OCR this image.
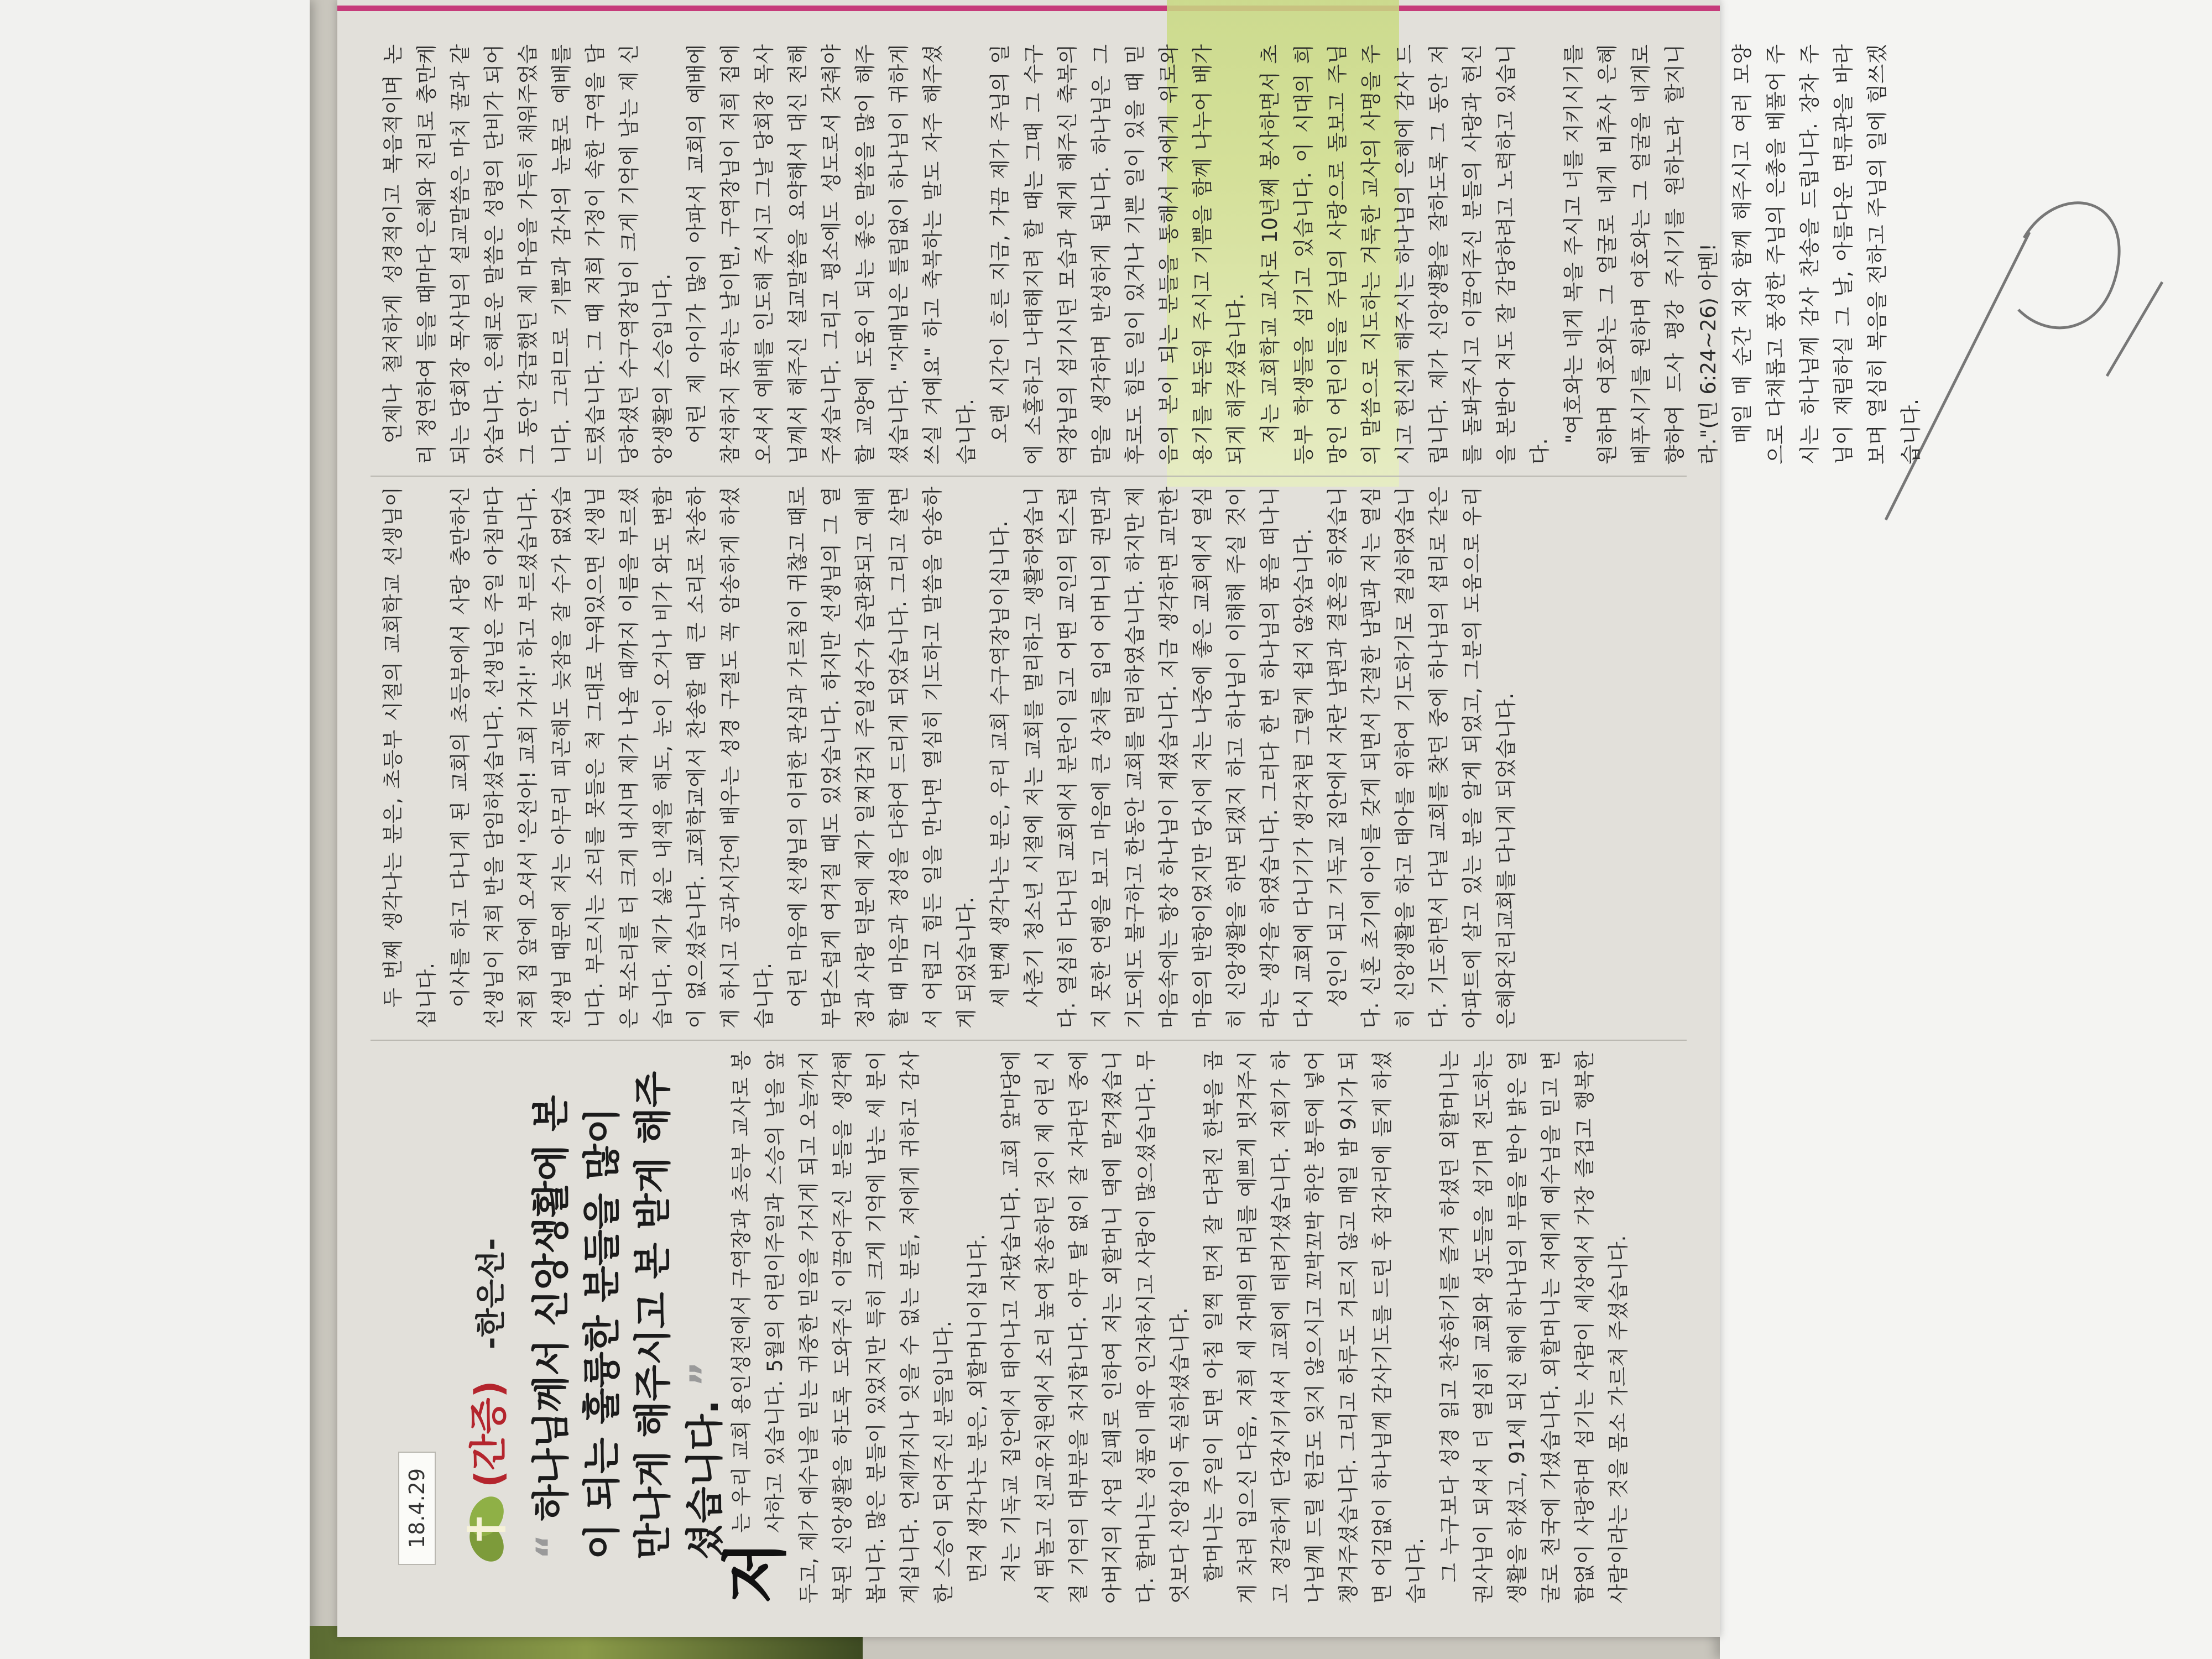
18.4.29
(간증)
-한은선-
“ 하나님께서 신앙생활에 본이 되는 훌륭한 분들을 많이 만나게 해주시고 본 받게 해주셨습니다. ”

저
는 우리 교회 용인성전에서 구역장과 초등부 교사로 봉사하고 있습니다. 5월의 어린이주일과 스승의 날을 앞두고, 제가 예수님을 믿는 귀중한 믿음을 가지게 되고 오늘까지 복된 신앙생활을 하도록 도와주신 이끌어주신 분들을 생각해 봅니다. 많은 분들이 있었지만 특히 크게 기억에 남는 세 분이 계십니다. 언제까지나 잊을 수 없는 분들, 저에게 귀하고 감사한 스승이 되어주신 분들입니다. 먼저 생각나는 분은, 외할머니이십니다. 저는 기독교 집안에서 태어나고 자랐습니다. 교회 앞마당에서 뛰놀고 선교유치원에서 소리 높여 찬송하던 것이 제 어린 시절 기억의 대부분을 차지합니다. 아무 탈 없이 잘 자라던 중에 아버지의 사업 실패로 인하여 저는 외할머니 댁에 맡겨졌습니다. 할머니는 성품이 매우 인자하시고 사랑이 많으셨습니다. 무엇보다 신앙심이 독실하셨습니다. 할머니는 주일이 되면 아침 일찍 먼저 잘 다려진 한복을 곱게 차려 입으신 다음, 저희 세 자매의 머리를 예쁘게 빗겨주시고 정갈하게 단장시키셔서 교회에 데려가셨습니다. 저희가 하나님께 드릴 헌금도 잊지 않으시고 꼬박꼬박 하얀 봉투에 넣어 챙겨주셨습니다. 그리고 하루도 거르지 않고 매일 밤 9시가 되면 어김없이 하나님께 감사기도를 드린 후 잠자리에 들게 하셨습니다. 그 누구보다 성경 읽고 찬송하기를 즐겨 하셨던 외할머니는 권사님이 되셔서 더 열심히 교회와 성도들을 섬기며 전도하는 생활을 하셨고, 91세 되신 해에 하나님의 부름을 받아 밝은 얼굴로 천국에 가셨습니다. 외할머니는 저에게 예수님을 믿고 변함없이 사랑하며 섬기는 사람이 세상에서 가장 즐겁고 행복한 사람이라는 것을 몸소 가르쳐 주셨습니다.

두 번째 생각나는 분은, 초등부 시절의 교회학교 선생님이십니다. 이사를 하고 다니게 된 교회의 초등부에서 사랑 충만하신 선생님이 저희 반을 담임하셨습니다. 선생님은 주일 아침마다 저희 집 앞에 오셔서 '은선아! 교회 가자!' 하고 부르셨습니다. 선생님 때문에 저는 아무리 피곤해도 늦잠을 잘 수가 없었습니다. 부르시는 소리를 못들은 척 그대로 누워있으면 선생님은 목소리를 더 크게 내시며 제가 나올 때까지 이름을 부르셨습니다. 제가 싫은 내색을 해도, 눈이 오거나 비가 와도 변함이 없으셨습니다. 교회학교에서 찬송할 때 큰 소리로 찬송하게 하시고 공과시간에 배우는 성경 구절도 꼭 암송하게 하셨습니다. 어린 마음에 선생님의 이러한 관심과 가르침이 귀찮고 때로 부담스럽게 여겨질 때도 있었습니다. 하지만 선생님의 그 열정과 사랑 덕분에 제가 일찌감치 주일성수가 습관화되고 예배할 때 마음과 정성을 다하여 드리게 되었습니다. 그리고 살면서 어렵고 힘든 일을 만나면 열심히 기도하고 말씀을 암송하게 되었습니다. 세 번째 생각나는 분은, 우리 교회 수구역장님이십니다. 사춘기 청소년 시절에 저는 교회를 멀리하고 생활하였습니다. 열심히 다니던 교회에서 분란이 일고 어떤 교인의 덕스럽지 못한 언행을 보고 마음에 큰 상처를 입어 어머니의 권면과 기도에도 불구하고 한동안 교회를 멀리하였습니다. 하지만 제 마음속에는 항상 하나님이 계셨습니다. 지금 생각하면 교만한 마음의 반항이었지만 당시에 저는 나중에 좋은 교회에서 열심히 신앙생활을 하면 되겠지 하고 하나님이 이해해 주실 것이라는 생각을 하였습니다. 그러다 한 번 하나님의 품을 떠나니 다시 교회에 다니기가 생각처럼 그렇게 쉽지 않았습니다. 성인이 되고 기독교 집안에서 자란 남편과 결혼을 하였습니다. 신혼 초기에 아이를 갖게 되면서 간절한 남편과 저는 열심히 신앙생활을 하고 태아를 위하여 기도하기로 결심하였습니다. 기도하면서 다닐 교회를 찾던 중에 하나님의 섭리로 같은 아파트에 살고 있는 분을 알게 되었고, 그분의 도움으로 우리 은혜와진리교회를 다니게 되었습니다.

언제나 철저하게 성경적이고 복음적이며 논리 정연하여 들을 때마다 은혜와 진리로 충만케 되는 당회장 목사님의 설교말씀은 마치 꿀과 같았습니다. 은혜로운 말씀은 성령의 단비가 되어 그 동안 갈급했던 제 마음을 가득히 채워주었습니다. 그러므로 기쁨과 감사의 눈물로 예배를 드렸습니다. 그 때 저희 가정이 속한 구역을 담당하셨던 수구역장님이 크게 기억에 남는 제 신앙생활의 스승입니다. 어린 제 아이가 많이 아파서 교회의 예배에 참석하지 못하는 날이면, 구역장님이 저희 집에 오셔서 예배를 인도해 주시고 그날 당회장 목사님께서 해주신 설교말씀을 요약해서 대신 전해주셨습니다. 그리고 평소에도 성도로서 갖춰야 할 교양에 도움이 되는 좋은 말씀을 많이 해주셨습니다. "자매님은 틀림없이 하나님이 귀하게 쓰실 거예요" 하고 축복하는 말도 자주 해주셨습니다. 오랜 시간이 흐른 지금, 가끔 제가 주님의 일에 소홀하고 나태해지려 할 때는 그때 그 수구역장님의 섬기시던 모습과 제게 해주신 축복의 말을 생각하며 반성하게 됩니다. 하나님은 그 후로도 힘든 일이 있거나 기쁜 일이 있을 때 믿음의 본이 되는 분들을 통해서 저에게 위로와 용기를 북돋워 주시고 기쁨을 함께 나누어 배가 되게 해주셨습니다. 저는 교회학교 교사로 10년째 봉사하면서 초등부 학생들을 섬기고 있습니다. 이 시대의 희망인 어린이들을 주님의 사랑으로 돌보고 주님의 말씀으로 지도하는 거룩한 교사의 사명을 주시고 헌신케 해주시는 하나님의 은혜에 감사 드립니다. 제가 신앙생활을 잘하도록 그 동안 저를 돌봐주시고 이끌어주신 분들의 사랑과 헌신을 본받아 저도 잘 감당하려고 노력하고 있습니다.

"여호와는 네게 복을 주시고 너를 지키시기를 원하며 여호와는 그 얼굴로 네게 비추사 은혜 베푸시기를 원하며 여호와는 그 얼굴을 네게로 향하여 드사 평강 주시기를 원하노라 할지니라."(민 6:24~26) 아멘! 매일 매 순간 저와 함께 해주시고 여러 모양으로 다채롭고 풍성한 주님의 은총을 베풀어 주시는 하나님께 감사 찬송을 드립니다. 장차 주님이 재림하실 그 날, 아름다운 면류관을 바라보며 열심히 복음을 전하고 주님의 일에 힘쓰겠습니다.
